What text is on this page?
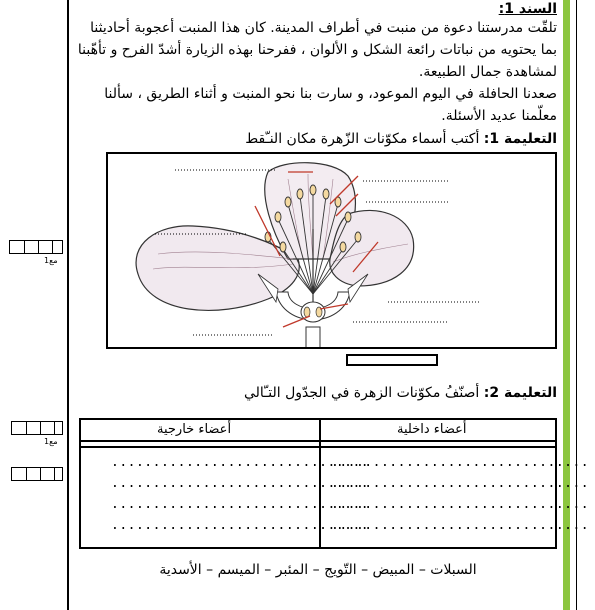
مع1
مع1
السند 1:
تلقّت مدرستنا دعوة من منبت في أطراف المدينة. كان هذا المنبت أعجوبة أحاديثنا
بما يحتويه من نباتات رائعة الشكل و الألوان ، ففرحنا بهذه الزيارة أشدّ الفرح و تأهّبنا
لمشاهدة جمال الطبيعة.
صعدنا الحافلة في اليوم الموعود، و سارت بنا نحو المنبت و أثناء الطريق ، سألنا
معلّمنا عديد الأسئلة.
التعليمة 1: أكتب أسماء مكوّنات الزّهرة مكان النـّقط
التعليمة 2: أصنّفُ مكوّنات الزهرة في الجدّول التـّالي
أعضاء داخلية
أعضاء خارجية
...............................
...............................
...............................
...............................
...............................
...............................
...............................
...............................
السبلات – المبيض – التّويج – المئبر – الميسم – الأسدية
